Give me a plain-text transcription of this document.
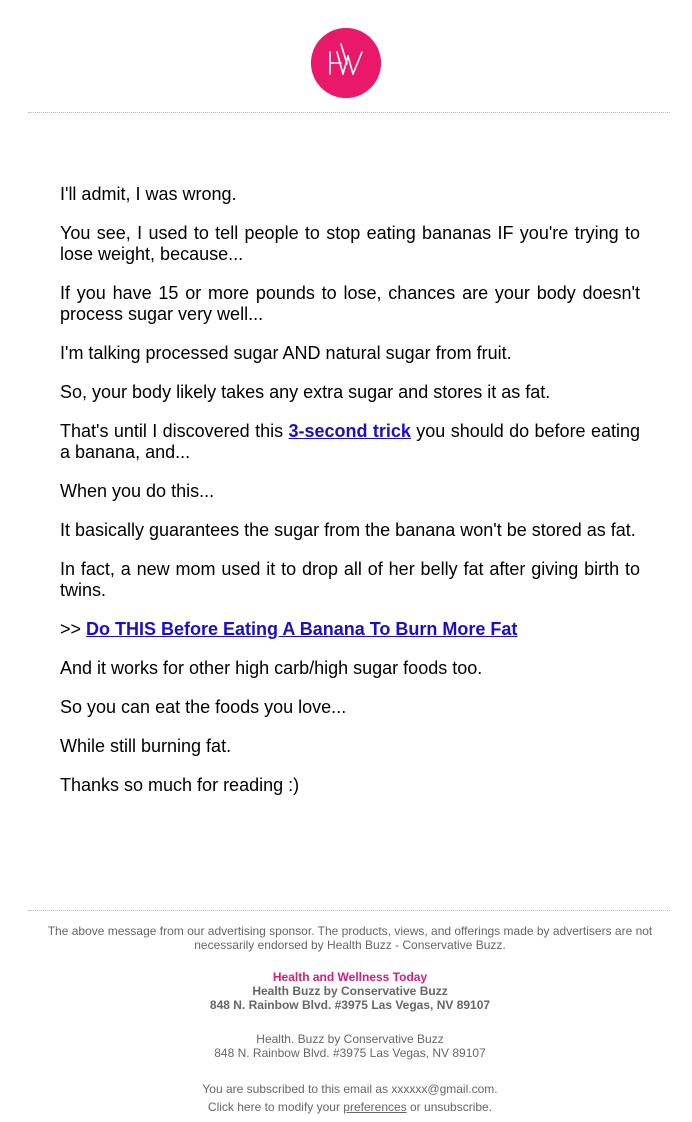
I'll admit, I was wrong.

You see, I used to tell people to stop eating bananas IF you're trying to lose weight, because...

If you have 15 or more pounds to lose, chances are your body doesn't process sugar very well...

I'm talking processed sugar AND natural sugar from fruit.

So, your body likely takes any extra sugar and stores it as fat.

That's until I discovered this 3-second trick you should do before eating a banana, and...

When you do this...

It basically guarantees the sugar from the banana won't be stored as fat.

In fact, a new mom used it to drop all of her belly fat after giving birth to twins.

>> Do THIS Before Eating A Banana To Burn More Fat

And it works for other high carb/high sugar foods too.

So you can eat the foods you love...

While still burning fat.

Thanks so much for reading :)

The above message from our advertising sponsor. The products, views, and offerings made by advertisers are not necessarily endorsed by Health Buzz - Conservative Buzz.
Health and Wellness Today
Health Buzz by Conservative Buzz
848 N. Rainbow Blvd. #3975 Las Vegas, NV 89107
Health. Buzz by Conservative Buzz
848 N. Rainbow Blvd. #3975 Las Vegas, NV 89107
You are subscribed to this email as xxxxxx@gmail.com.
Click here to modify your preferences or unsubscribe.
